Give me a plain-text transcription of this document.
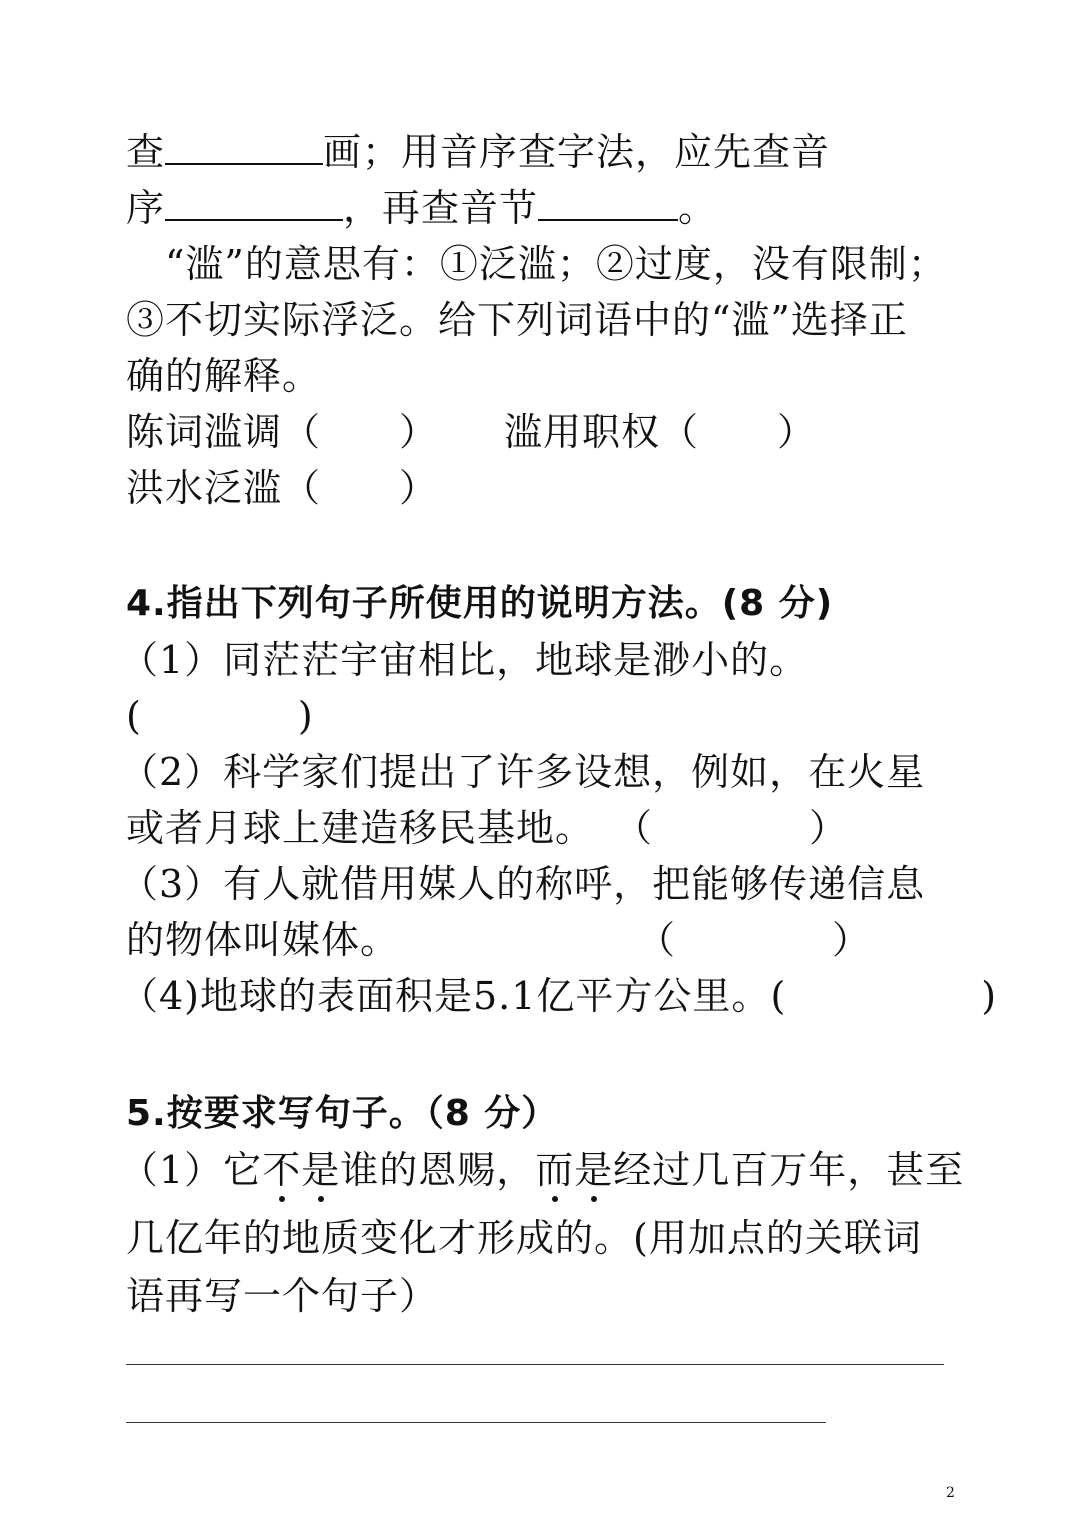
查	画；用音序查字法，应先查音
序	，再查音节	。
　“滥”的意思有：①泛滥；②过度，没有限制；
③不切实际浮泛。给下列词语中的“滥”选择正
确的解释。
陈词滥调（　　） 滥用职权（　　）
洪水泛滥（　　）
4.指出下列句子所使用的说明方法。(8 分)
（1）同茫茫宇宙相比，地球是渺小的。
(　　　　)
（2）科学家们提出了许多设想，例如，在火星
或者月球上建造移民基地。 （　　　　）
（3）有人就借用媒人的称呼，把能够传递信息
的物体叫媒体。	（　　　　）
（4)地球的表面积是5.1亿平方公里。(　　　　　)
5.按要求写句子。（8 分）
（1）它不是谁的恩赐，而是经过几百万年，甚至
几亿年的地质变化才形成的。(用加点的关联词
语再写一个句子）
2
